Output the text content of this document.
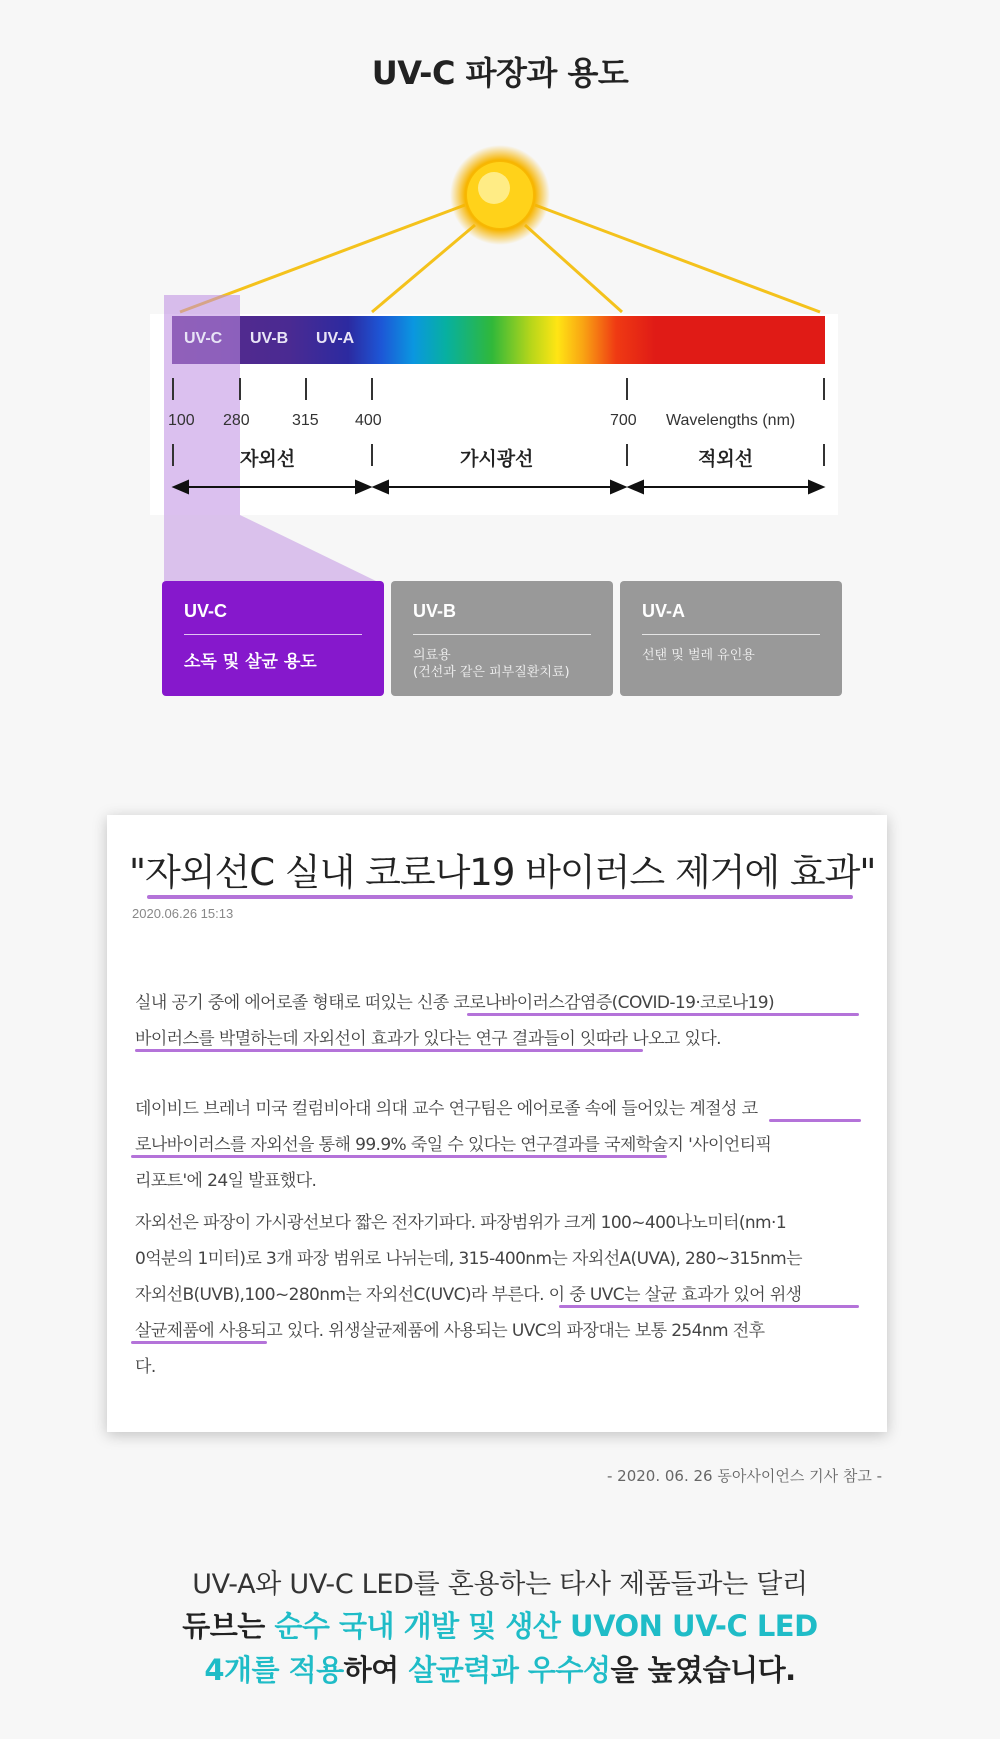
UV-C 파장과 용도
UV-C UV-B UV-A
100 280	315 400	700 Wavelengths (nm)
자외선	가시광선	적외선
UV-C
소독 및 살균 용도
UV-B
의료용
(건선과 같은 피부질환치료)
UV-A
선탠 및 벌레 유인용
"자외선C 실내 코로나19 바이러스 제거에 효과"
2020.06.26 15:13
실내 공기 중에 에어로졸 형태로 떠있는 신종 코로나바이러스감염증(COVID-19·코로나19)
바이러스를 박멸하는데 자외선이 효과가 있다는 연구 결과들이 잇따라 나오고 있다.
데이비드 브레너 미국 컬럼비아대 의대 교수 연구팀은 에어로졸 속에 들어있는 계절성 코
로나바이러스를 자외선을 통해 99.9% 죽일 수 있다는 연구결과를 국제학술지 '사이언티픽
리포트'에 24일 발표했다.
자외선은 파장이 가시광선보다 짧은 전자기파다. 파장범위가 크게 100~400나노미터(nm·1
0억분의 1미터)로 3개 파장 범위로 나뉘는데, 315-400nm는 자외선A(UVA), 280~315nm는
자외선B(UVB),100~280nm는 자외선C(UVC)라 부른다. 이 중 UVC는 살균 효과가 있어 위생
살균제품에 사용되고 있다. 위생살균제품에 사용되는 UVC의 파장대는 보통 254nm 전후
다.
- 2020. 06. 26 동아사이언스 기사 참고 -
UV-A와 UV-C LED를 혼용하는 타사 제품들과는 달리
듀브는 순수 국내 개발 및 생산 UVON UV-C LED
4개를 적용하여 살균력과 우수성을 높였습니다.
